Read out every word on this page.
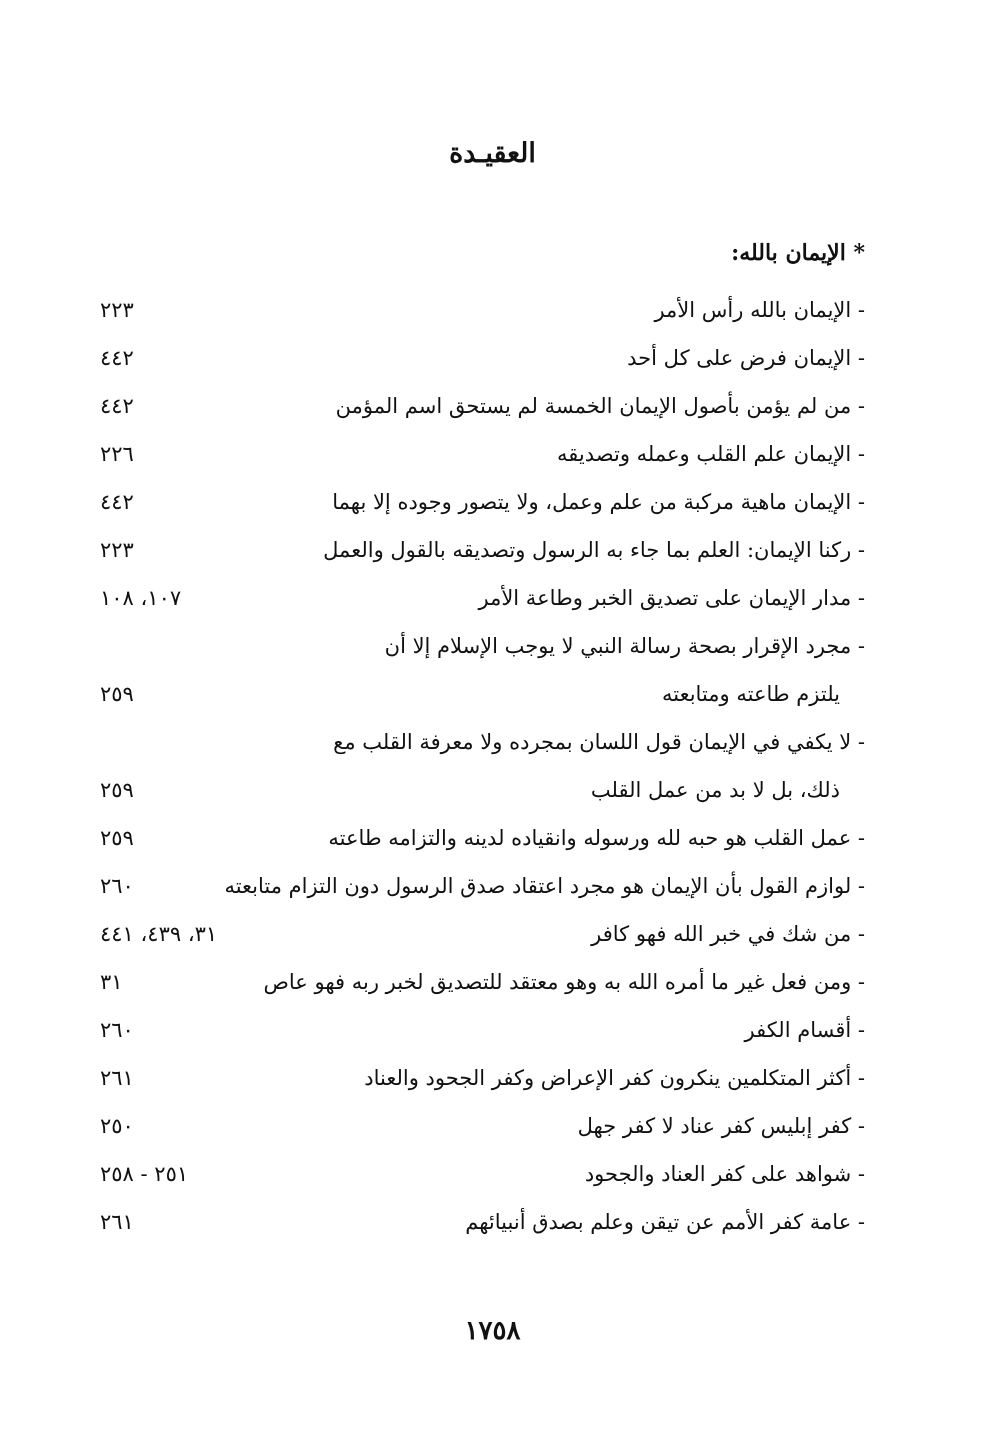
العقيـدة
* الإيمان بالله:
- الإيمان بالله رأس الأمر
٢٢٣
- الإيمان فرض على كل أحد
٤٤٢
- من لم يؤمن بأصول الإيمان الخمسة لم يستحق اسم المؤمن
٤٤٢
- الإيمان علم القلب وعمله وتصديقه
٢٢٦
- الإيمان ماهية مركبة من علم وعمل، ولا يتصور وجوده إلا بهما
٤٤٢
- ركنا الإيمان: العلم بما جاء به الرسول وتصديقه بالقول والعمل
٢٢٣
- مدار الإيمان على تصديق الخبر وطاعة الأمر
١٠٧، ١٠٨
- مجرد الإقرار بصحة رسالة النبي لا يوجب الإسلام إلا أن
يلتزم طاعته ومتابعته
٢٥٩
- لا يكفي في الإيمان قول اللسان بمجرده ولا معرفة القلب مع
ذلك، بل لا بد من عمل القلب
٢٥٩
- عمل القلب هو حبه لله ورسوله وانقياده لدينه والتزامه طاعته
٢٥٩
- لوازم القول بأن الإيمان هو مجرد اعتقاد صدق الرسول دون التزام متابعته
٢٦٠
- من شك في خبر الله فهو كافر
٣١، ٤٣٩، ٤٤١
- ومن فعل غير ما أمره الله به وهو معتقد للتصديق لخبر ربه فهو عاص
٣١
- أقسام الكفر
٢٦٠
- أكثر المتكلمين ينكرون كفر الإعراض وكفر الجحود والعناد
٢٦١
- كفر إبليس كفر عناد لا كفر جهل
٢٥٠
- شواهد على كفر العناد والجحود
٢٥١ - ٢٥٨
- عامة كفر الأمم عن تيقن وعلم بصدق أنبيائهم
٢٦١
١٧٥٨
